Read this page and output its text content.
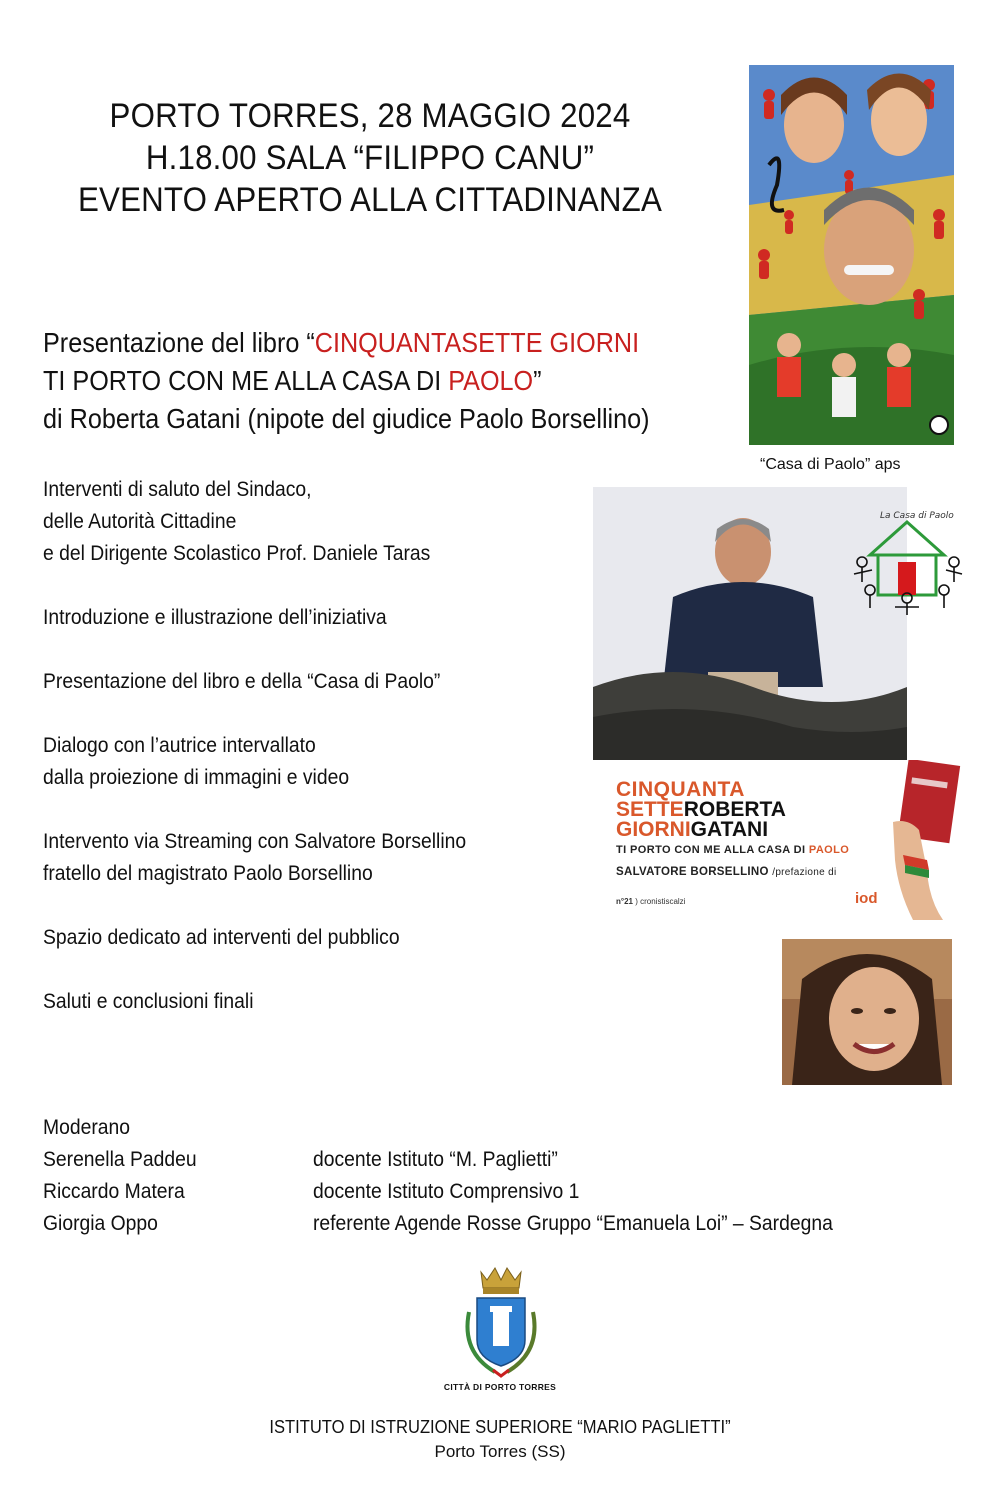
PORTO TORRES, 28 MAGGIO 2024
H.18.00 SALA “FILIPPO CANU”
EVENTO APERTO ALLA CITTADINANZA
Presentazione del libro “CINQUANTASETTE GIORNI
TI PORTO CON ME ALLA CASA DI PAOLO”
di Roberta Gatani (nipote del giudice Paolo Borsellino)
Interventi di saluto del Sindaco,
delle Autorità Cittadine
e del Dirigente Scolastico Prof. Daniele Taras
Introduzione e illustrazione dell’iniziativa
Presentazione del libro e della “Casa di Paolo”
Dialogo con l’autrice intervallato
dalla proiezione di immagini e video
Intervento via Streaming con Salvatore Borsellino
fratello del magistrato Paolo Borsellino
Spazio dedicato ad interventi del pubblico
Saluti e conclusioni finali
Moderano
Serenella Paddeu	docente Istituto “M. Paglietti”
Riccardo Matera	docente Istituto Comprensivo 1
Giorgia Oppo	referente Agende Rosse Gruppo “Emanuela Loi” – Sardegna
“Casa di Paolo” aps
La Casa di Paolo
CINQUANTA
SETTEROBERTA
GIORNIGATANI
TI PORTO CON ME ALLA CASA DI PAOLO
SALVATORE BORSELLINO /prefazione di
n°21 ) cronistiscalzi	iod
CITTÀ DI PORTO TORRES
ISTITUTO DI ISTRUZIONE SUPERIORE “MARIO PAGLIETTI”
Porto Torres (SS)
